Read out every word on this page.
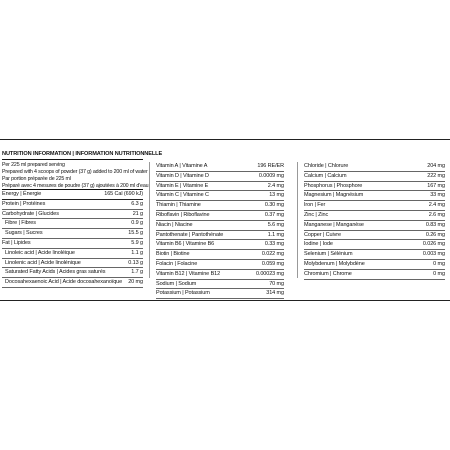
NUTRITION INFORMATION | INFORMATION NUTRITIONNELLE
Per 225 ml prepared serving
Prepared with 4 scoops of powder (37 g) added to 200 ml of water
Par portion préparée de 225 ml
Préparé avec 4 mesures de poudre (37 g) ajoutées à 200 ml d'eau
Energy | Énergie	165 Cal (690 kJ)
Protein | Protéines	6.3 g
Carbohydrate | Glucides	21 g
Fibre | Fibres	0.9 g
Sugars | Sucres	15.5 g
Fat | Lipides	5.9 g
Linoleic acid | Acide linoléique	1.1 g
Linolenic acid | Acide linolénique	0.13 g
Saturated Fatty Acids | Acides gras saturés	1.7 g
Docosahexaenoic Acid | Acide docosahexanoïque 20 mg
Vitamin A | Vitamine A	196 RE/ER
Vitamin D | Vitamine D	0.0009 mg
Vitamin E | Vitamine E	2.4 mg
Vitamin C | Vitamine C	13 mg
Thiamin | Thiamine	0.30 mg
Riboflavin | Riboflavine	0.37 mg
Niacin | Niacine	5.6 mg
Pantothenate | Pantothénate	1.1 mg
Vitamin B6 | Vitamine B6	0.33 mg
Biotin | Biotine	0.022 mg
Folacin | Folacine	0.059 mg
Vitamin B12 | Vitamine B12	0.00023 mg
Sodium | Sodium	70 mg
Potassium | Potassium	314 mg
Chloride | Chlorure	204 mg
Calcium | Calcium	222 mg
Phosphorus | Phosphore	167 mg
Magnesium | Magnésium	33 mg
Iron | Fer	2.4 mg
Zinc | Zinc	2.6 mg
Manganese | Manganèse	0.83 mg
Copper | Cuivre	0.26 mg
Iodine | Iode	0.026 mg
Selenium | Sélénium	0.003 mg
Molybdenum | Molybdène	0 mg
Chromium | Chrome	0 mg
